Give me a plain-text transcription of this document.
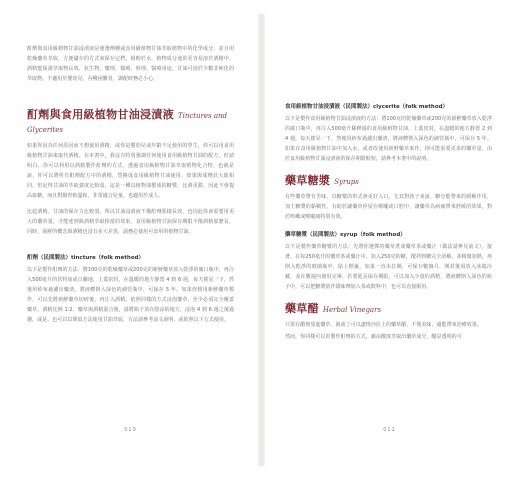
酊劑與食用級植物甘油浸漬液是運選劑種或食用級植物甘油萃取植物中的化學成分，並且用乾燥藥草萃取，方便儲存的方式來保存它們，相較於水，植物成分通常更容易溶於酒精中。酒精能保證萃取物長效、抗生物，藥理、醫療、料理、醫療用途。甘油可溶於少數非純化的萃取物，不適用於嬰幼兒、吞嚥困難者，調配時務必小心。

酊劑與食用級植物甘油浸漬液 Tinctures and Glycerites

如果你因為任何原因而不想使用酒精，或你是嬰幼兒或年齡不足使用的學生，你可以用食用級植物甘油來取代酒精。在本書中，我沒有特別強調任何使用食用級植物甘油的配方，但請明白，你可以利用以酒精製作酊劑的方式，透過食用級植物甘油萃取植物化合物，也就是說，你可以將所有酊劑配方中的酒精，替換成食用級植物甘油使用，效果與成劑員大致相同，但記得甘油的萃取強度比較弱，這是一種以植物油製成的糖漿，比酒更甜，因此不會提高血糖，而且對腸胃較溫和，非常適合兒童，也適用於成人。

比起酒精，甘油的保存力比較弱，所以甘油浸漬液不像酊劑那樣長效，也因此你會需要用更大的藥草量，才能達到與酒精萃取相當的效果，食用級植物甘油保存期限不像酒精那麼長，同時，保鮮的概念與酒精也沒有多大差異，請務必使用可食用的植物甘油。

酊劑（民間製法）tincture（folk method）

以下是製作酊劑的方法：將100克的乾燥藥草或200克的新鮮藥草放入乾淨的廣口瓶中，再注入500毫升的伏特加或白蘭地，上蓋密封，在溫暖的地方靜置 4 到 6 週，每天搖晃一下，然後用紗布過濾出藥渣，將液體倒入深色的滴管瓶中，可保存 5 年。如果你想用新鮮藥草製作，可以先將新鮮藥草切碎後，再注入酒精，依照同樣的方式浸泡藥草，至少必須完全覆蓋藥草，酒精比例 1:2，藥草與酒精混合後，請將瓶子放在陰涼的地方，浸泡 4 到 6 週之後過濾，或是，也可以以類似方法使用甘油萃取，方法請參考前文說明，或依照以下方式使用。

010
食用級植物甘油浸漬液（民間製法）clycerite（folk method）

以下是製作食用級植物甘油浸漬液的方法：將100克的乾燥藥草或200克的新鮮藥草放入乾淨的廣口瓶中，再注入500毫升稀釋過的食用級植物甘油，上蓋密封，在溫暖的地方靜置 2 到 4 週，每天搖晃一下，然後用紗布過濾出藥渣，將液體倒入深色的滴管瓶中，可保存 5 年。如果在食用級植物甘油中加入水，或者改使用新鮮藥草來作，則可能需要更多的藥草量。由於食用級植物甘油浸漬液的保存期限較短，請參考本書中的說明。

藥草糖漿 Syrups

有些藥草帶有苦味，以糖漿的形式會更好入口，尤其對孩子來說，糖分能帶來的緩解作用，加上糖漿的黏稠性，有助於讓藥草停留在喉嚨或口腔中，讓藥草為病痛帶來舒緩的效果，對於咳嗽或喉嚨痛特別有效。

藥草糖漿（民間製法）syrup（folk method）

以下是製作藥草糖漿的方法：先將你選擇的藥草煮成藥草茶或藥汁（做法請參見前文），接著，在每250毫升的藥草茶或藥汁中，加入250克的糖，攪拌到糖完全溶解，並稍微加熱，再倒入乾淨的玻璃瓶中，貼上標籤，如果一直未打開，可保存數個月，開封後須放入冰箱冷藏，並在數週內使用完畢，若要延長保存期限，可以加入少量的酒精，將液體倒入深色的瓶子中，可以把糖漿當作甜味劑加入茶或飲料中，也可以直接服用。

藥草醋 Herbal Vinegars

只要在醋裡放進藥草，就成了可以盡情沙拉上的藥草醋，不僅美味，還能帶來治療效果。

然而，你同樣可以用製作酊劑的方式，藉由酸度萃取出藥草成分，醋是透明的可

011
